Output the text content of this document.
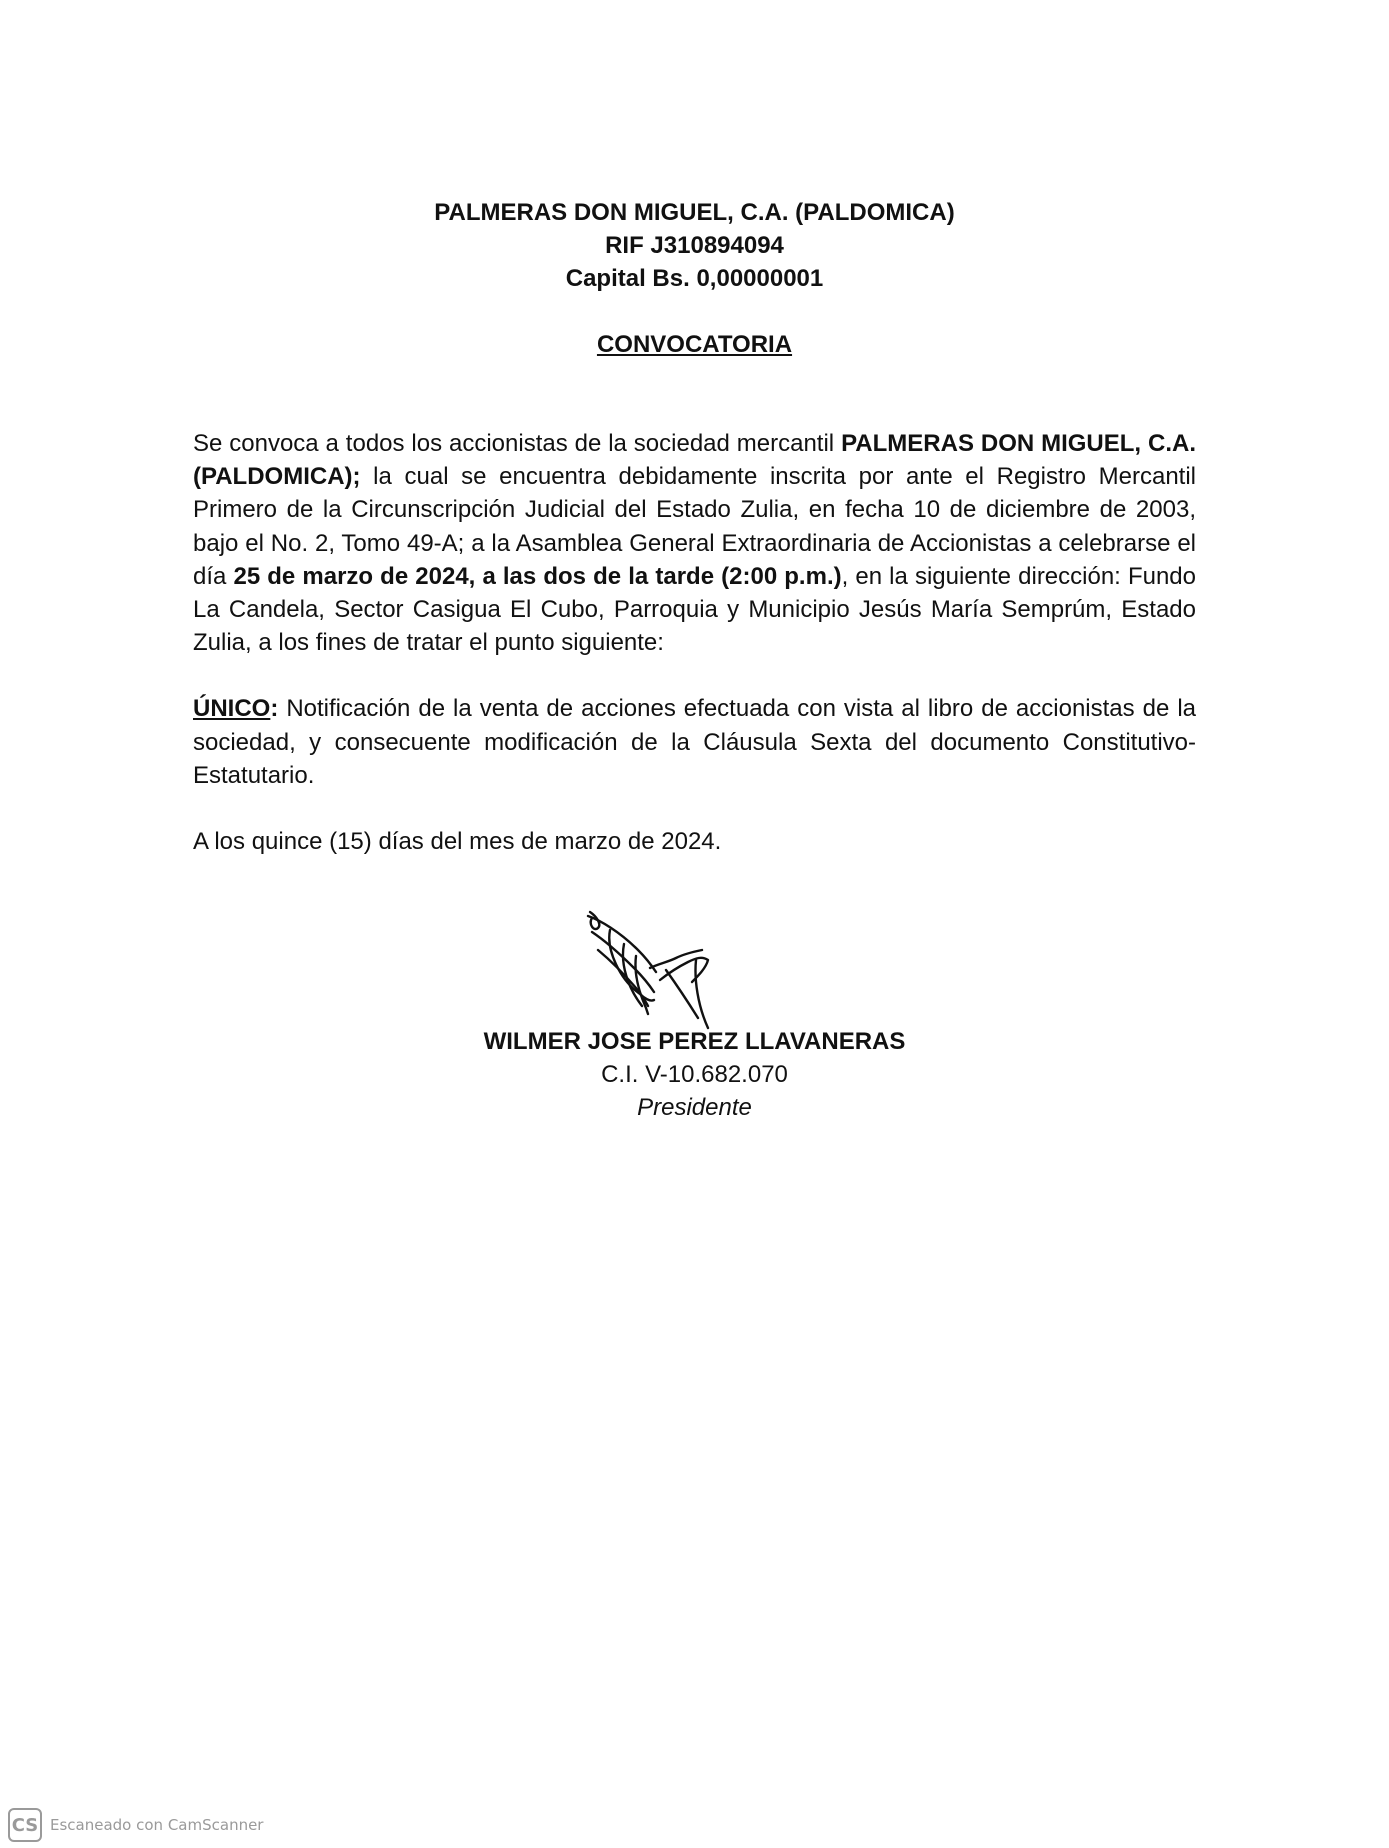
PALMERAS DON MIGUEL, C.A. (PALDOMICA)
RIF J310894094
Capital Bs. 0,00000001
CONVOCATORIA

Se convoca a todos los accionistas de la sociedad mercantil PALMERAS DON MIGUEL, C.A. (PALDOMICA); la cual se encuentra debidamente inscrita por ante el Registro Mercantil Primero de la Circunscripción Judicial del Estado Zulia, en fecha 10 de diciembre de 2003, bajo el No. 2, Tomo 49-A; a la Asamblea General Extraordinaria de Accionistas a celebrarse el día 25 de marzo de 2024, a las dos de la tarde (2:00 p.m.), en la siguiente dirección: Fundo La Candela, Sector Casigua El Cubo, Parroquia y Municipio Jesús María Semprúm, Estado Zulia, a los fines de tratar el punto siguiente:

ÚNICO: Notificación de la venta de acciones efectuada con vista al libro de accionistas de la sociedad, y consecuente modificación de la Cláusula Sexta del documento Constitutivo-Estatutario.

A los quince (15) días del mes de marzo de 2024.

WILMER JOSE PEREZ LLAVANERAS
C.I. V-10.682.070
Presidente
CS Escaneado con CamScanner
